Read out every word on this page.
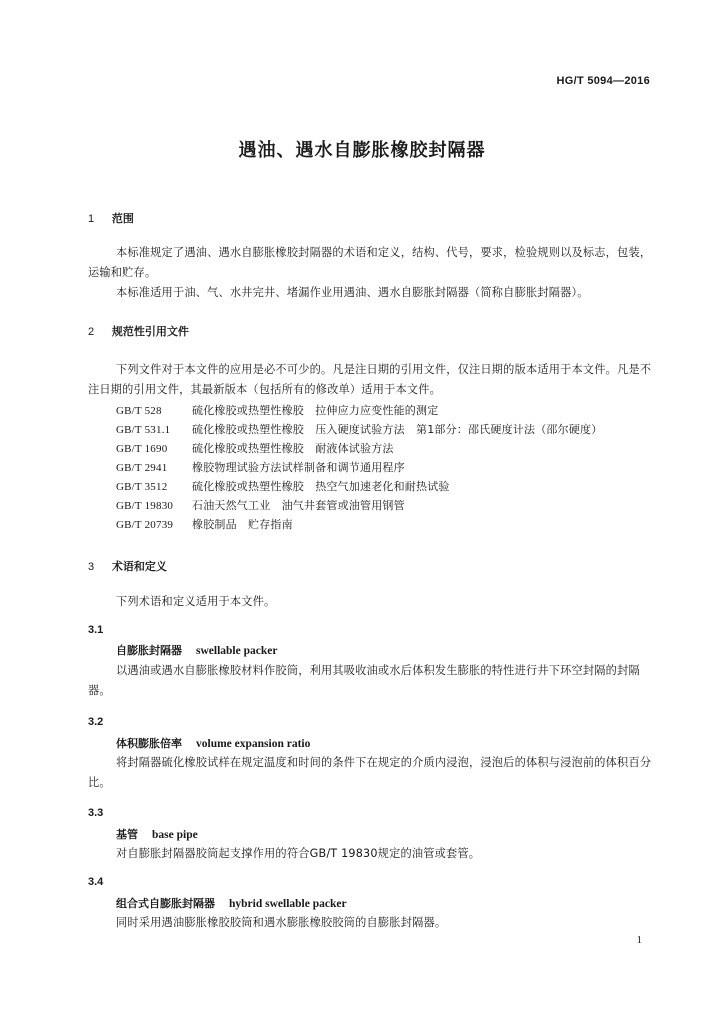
HG/T 5094—2016
遇油、遇水自膨胀橡胶封隔器
1 范围
本标准规定了遇油、遇水自膨胀橡胶封隔器的术语和定义，结构、代号，要求，检验规则以及标志，包装，运输和贮存。
本标准适用于油、气、水井完井、堵漏作业用遇油、遇水自膨胀封隔器（简称自膨胀封隔器）。
2 规范性引用文件
下列文件对于本文件的应用是必不可少的。凡是注日期的引用文件，仅注日期的版本适用于本文件。凡是不注日期的引用文件，其最新版本（包括所有的修改单）适用于本文件。
GB/T 528	硫化橡胶或热塑性橡胶　拉伸应力应变性能的测定
GB/T 531.1 硫化橡胶或热塑性橡胶　压入硬度试验方法　第1部分：邵氏硬度计法（邵尔硬度）
GB/T 1690 硫化橡胶或热塑性橡胶　耐液体试验方法
GB/T 2941 橡胶物理试验方法试样制备和调节通用程序
GB/T 3512 硫化橡胶或热塑性橡胶　热空气加速老化和耐热试验
GB/T 19830 石油天然气工业　油气井套管或油管用钢管
GB/T 20739 橡胶制品　贮存指南
3 术语和定义
下列术语和定义适用于本文件。
3.1
自膨胀封隔器 swellable packer
以遇油或遇水自膨胀橡胶材料作胶筒，利用其吸收油或水后体积发生膨胀的特性进行井下环空封隔的封隔器。
3.2
体积膨胀倍率 volume expansion ratio
将封隔器硫化橡胶试样在规定温度和时间的条件下在规定的介质内浸泡，浸泡后的体积与浸泡前的体积百分比。
3.3
基管 base pipe
对自膨胀封隔器胶筒起支撑作用的符合GB/T 19830规定的油管或套管。
3.4
组合式自膨胀封隔器 hybrid swellable packer
同时采用遇油膨胀橡胶胶筒和遇水膨胀橡胶胶筒的自膨胀封隔器。
1
